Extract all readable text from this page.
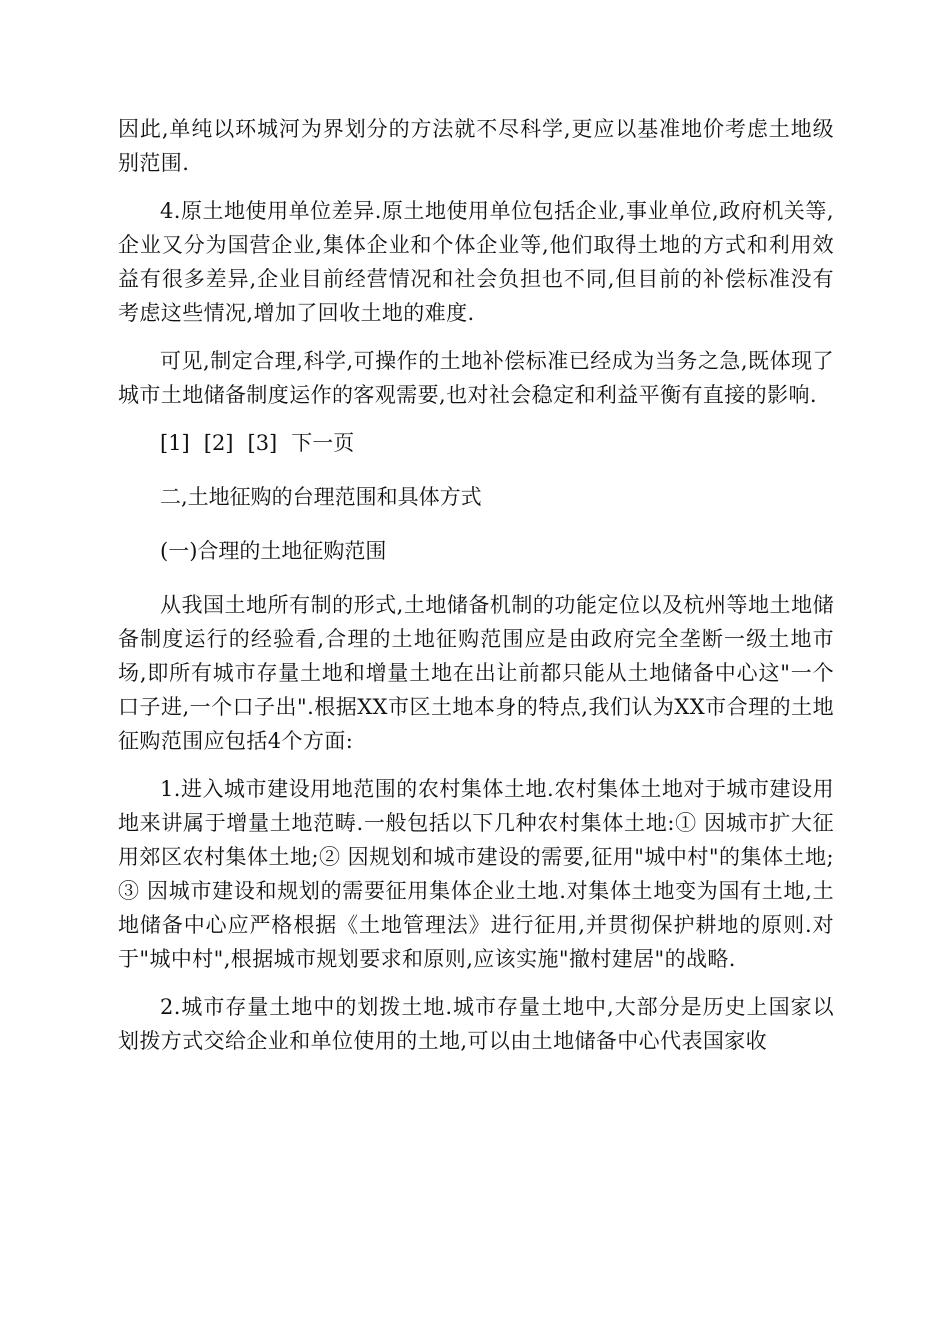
因此,单纯以环城河为界划分的方法就不尽科学,更应以基准地价考虑土地级别范围.

4.原土地使用单位差异.原土地使用单位包括企业,事业单位,政府机关等,企业又分为国营企业,集体企业和个体企业等,他们取得土地的方式和利用效益有很多差异,企业目前经营情况和社会负担也不同,但目前的补偿标准没有考虑这些情况,增加了回收土地的难度.

可见,制定合理,科学,可操作的土地补偿标准已经成为当务之急,既体现了城市土地储备制度运作的客观需要,也对社会稳定和利益平衡有直接的影响.

[1] [2] [3] 下一页

二,土地征购的台理范围和具体方式

(一)合理的土地征购范围

从我国土地所有制的形式,土地储备机制的功能定位以及杭州等地土地储备制度运行的经验看,合理的土地征购范围应是由政府完全垄断一级土地市场,即所有城市存量土地和增量土地在出让前都只能从土地储备中心这"一个口子进,一个口子出".根据XX市区土地本身的特点,我们认为XX市合理的土地征购范围应包括4个方面:

1.进入城市建设用地范围的农村集体土地.农村集体土地对于城市建设用地来讲属于增量土地范畴.一般包括以下几种农村集体土地:① 因城市扩大征用郊区农村集体土地;② 因规划和城市建设的需要,征用"城中村"的集体土地;③ 因城市建设和规划的需要征用集体企业土地.对集体土地变为国有土地,土地储备中心应严格根据《土地管理法》进行征用,并贯彻保护耕地的原则.对于"城中村",根据城市规划要求和原则,应该实施"撤村建居"的战略.

2.城市存量土地中的划拨土地.城市存量土地中,大部分是历史上国家以划拨方式交给企业和单位使用的土地,可以由土地储备中心代表国家收
